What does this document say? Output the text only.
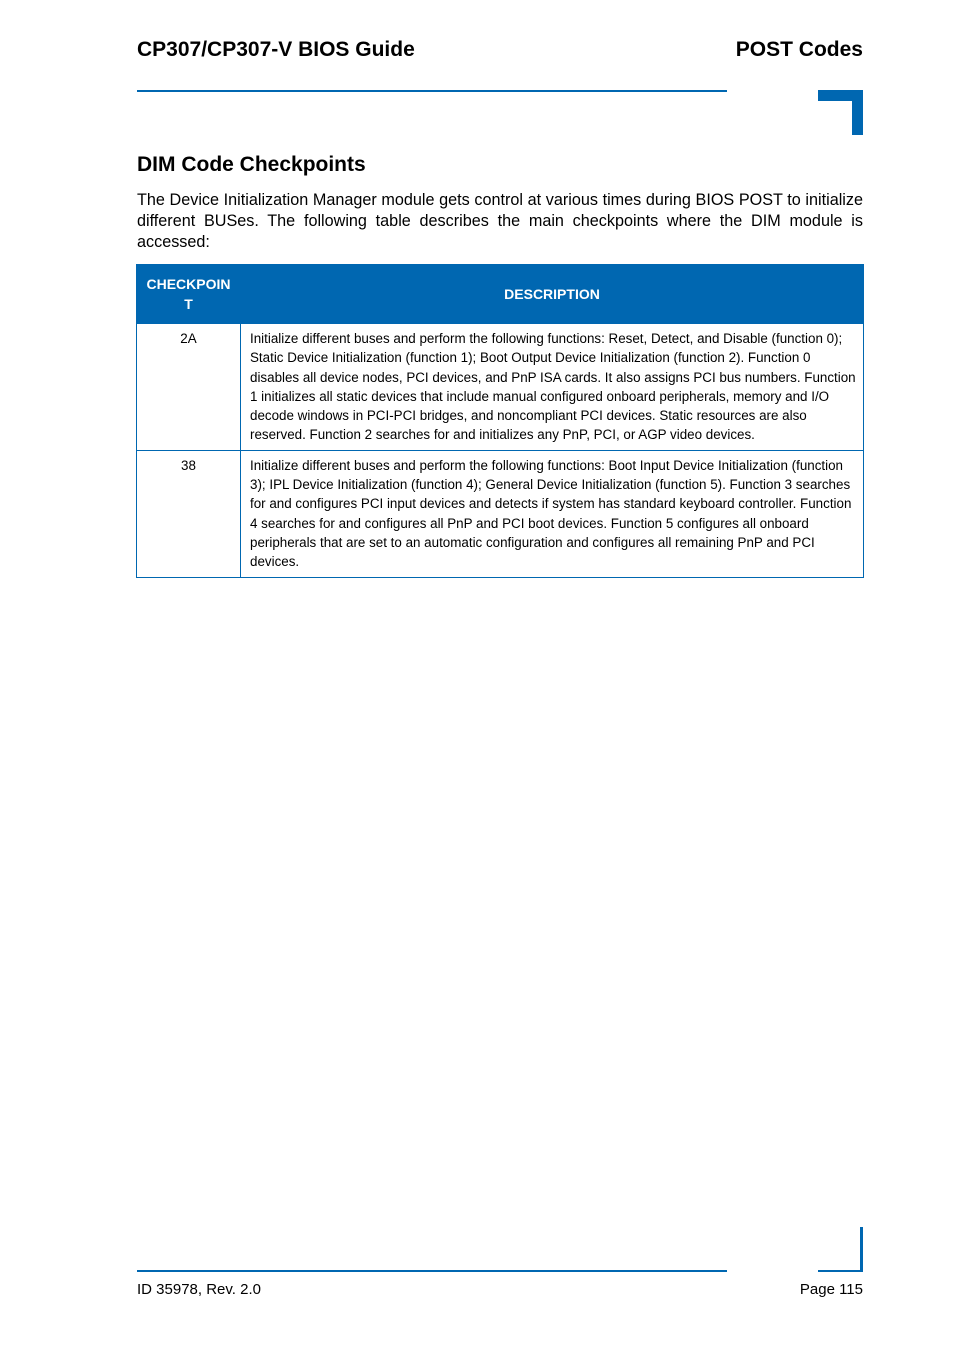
CP307/CP307-V BIOS Guide	POST Codes
DIM Code Checkpoints

The Device Initialization Manager module gets control at various times during BIOS POST to initialize different BUSes. The following table describes the main checkpoints where the DIM module is accessed:

CHECKPOINT	DESCRIPTION
2A	Initialize different buses and perform the following functions: Reset, Detect, and Disable (function 0); Static Device Initialization (function 1); Boot Output Device Initialization (function 2). Function 0 disables all device nodes, PCI devices, and PnP ISA cards. It also assigns PCI bus numbers. Function 1 initializes all static devices that include manual configured onboard peripherals, memory and I/O decode windows in PCI-PCI bridges, and noncompliant PCI devices. Static resources are also reserved. Function 2 searches for and initializes any PnP, PCI, or AGP video devices.
38	Initialize different buses and perform the following functions: Boot Input Device Initialization (function 3); IPL Device Initialization (function 4); General Device Initialization (function 5). Function 3 searches for and configures PCI input devices and detects if system has standard keyboard controller. Function 4 searches for and configures all PnP and PCI boot devices. Function 5 configures all onboard peripherals that are set to an automatic configuration and configures all remaining PnP and PCI devices.
ID 35978, Rev. 2.0	Page 115
